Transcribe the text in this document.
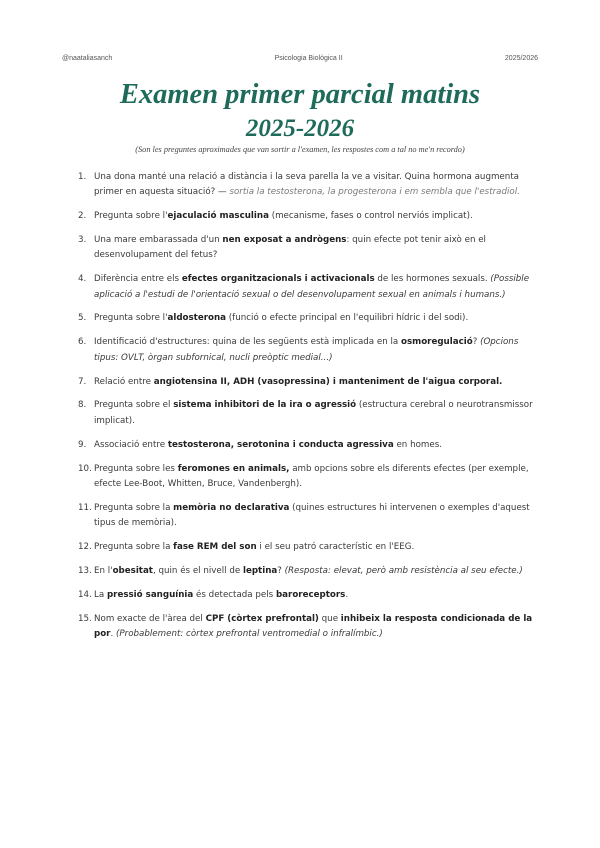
@naataliasanch	Psicologia Biològica II	2025/2026
Examen primer parcial matins
2025-2026
(Son les preguntes aproximades que van sortir a l'examen, les respostes com a tal no me'n recordo)
1. Una dona manté una relació a distància i la seva parella la ve a visitar. Quina hormona augmenta primer en aquesta situació? — sortia la testosterona, la progesterona i em sembla que l'estradiol.
2. Pregunta sobre l'ejaculació masculina (mecanisme, fases o control nerviós implicat).
3. Una mare embarassada d'un nen exposat a andrògens: quin efecte pot tenir això en el desenvolupament del fetus?
4. Diferència entre els efectes organitzacionals i activacionals de les hormones sexuals. (Possible aplicació a l'estudi de l'orientació sexual o del desenvolupament sexual en animals i humans.)
5. Pregunta sobre l'aldosterona (funció o efecte principal en l'equilibri hídric i del sodi).
6. Identificació d'estructures: quina de les següents està implicada en la osmoregulació? (Opcions tipus: OVLT, òrgan subfornical, nucli preòptic medial...)
7. Relació entre angiotensina II, ADH (vasopressina) i manteniment de l'aigua corporal.
8. Pregunta sobre el sistema inhibitori de la ira o agressió (estructura cerebral o neurotransmissor implicat).
9. Associació entre testosterona, serotonina i conducta agressiva en homes.
10. Pregunta sobre les feromones en animals, amb opcions sobre els diferents efectes (per exemple, efecte Lee-Boot, Whitten, Bruce, Vandenbergh).
11. Pregunta sobre la memòria no declarativa (quines estructures hi intervenen o exemples d'aquest tipus de memòria).
12. Pregunta sobre la fase REM del son i el seu patró característic en l'EEG.
13. En l'obesitat, quin és el nivell de leptina? (Resposta: elevat, però amb resistència al seu efecte.)
14. La pressió sanguínia és detectada pels baroreceptors.
15. Nom exacte de l'àrea del CPF (còrtex prefrontal) que inhibeix la resposta condicionada de la por. (Probablement: còrtex prefrontal ventromedial o infralímbic.)
